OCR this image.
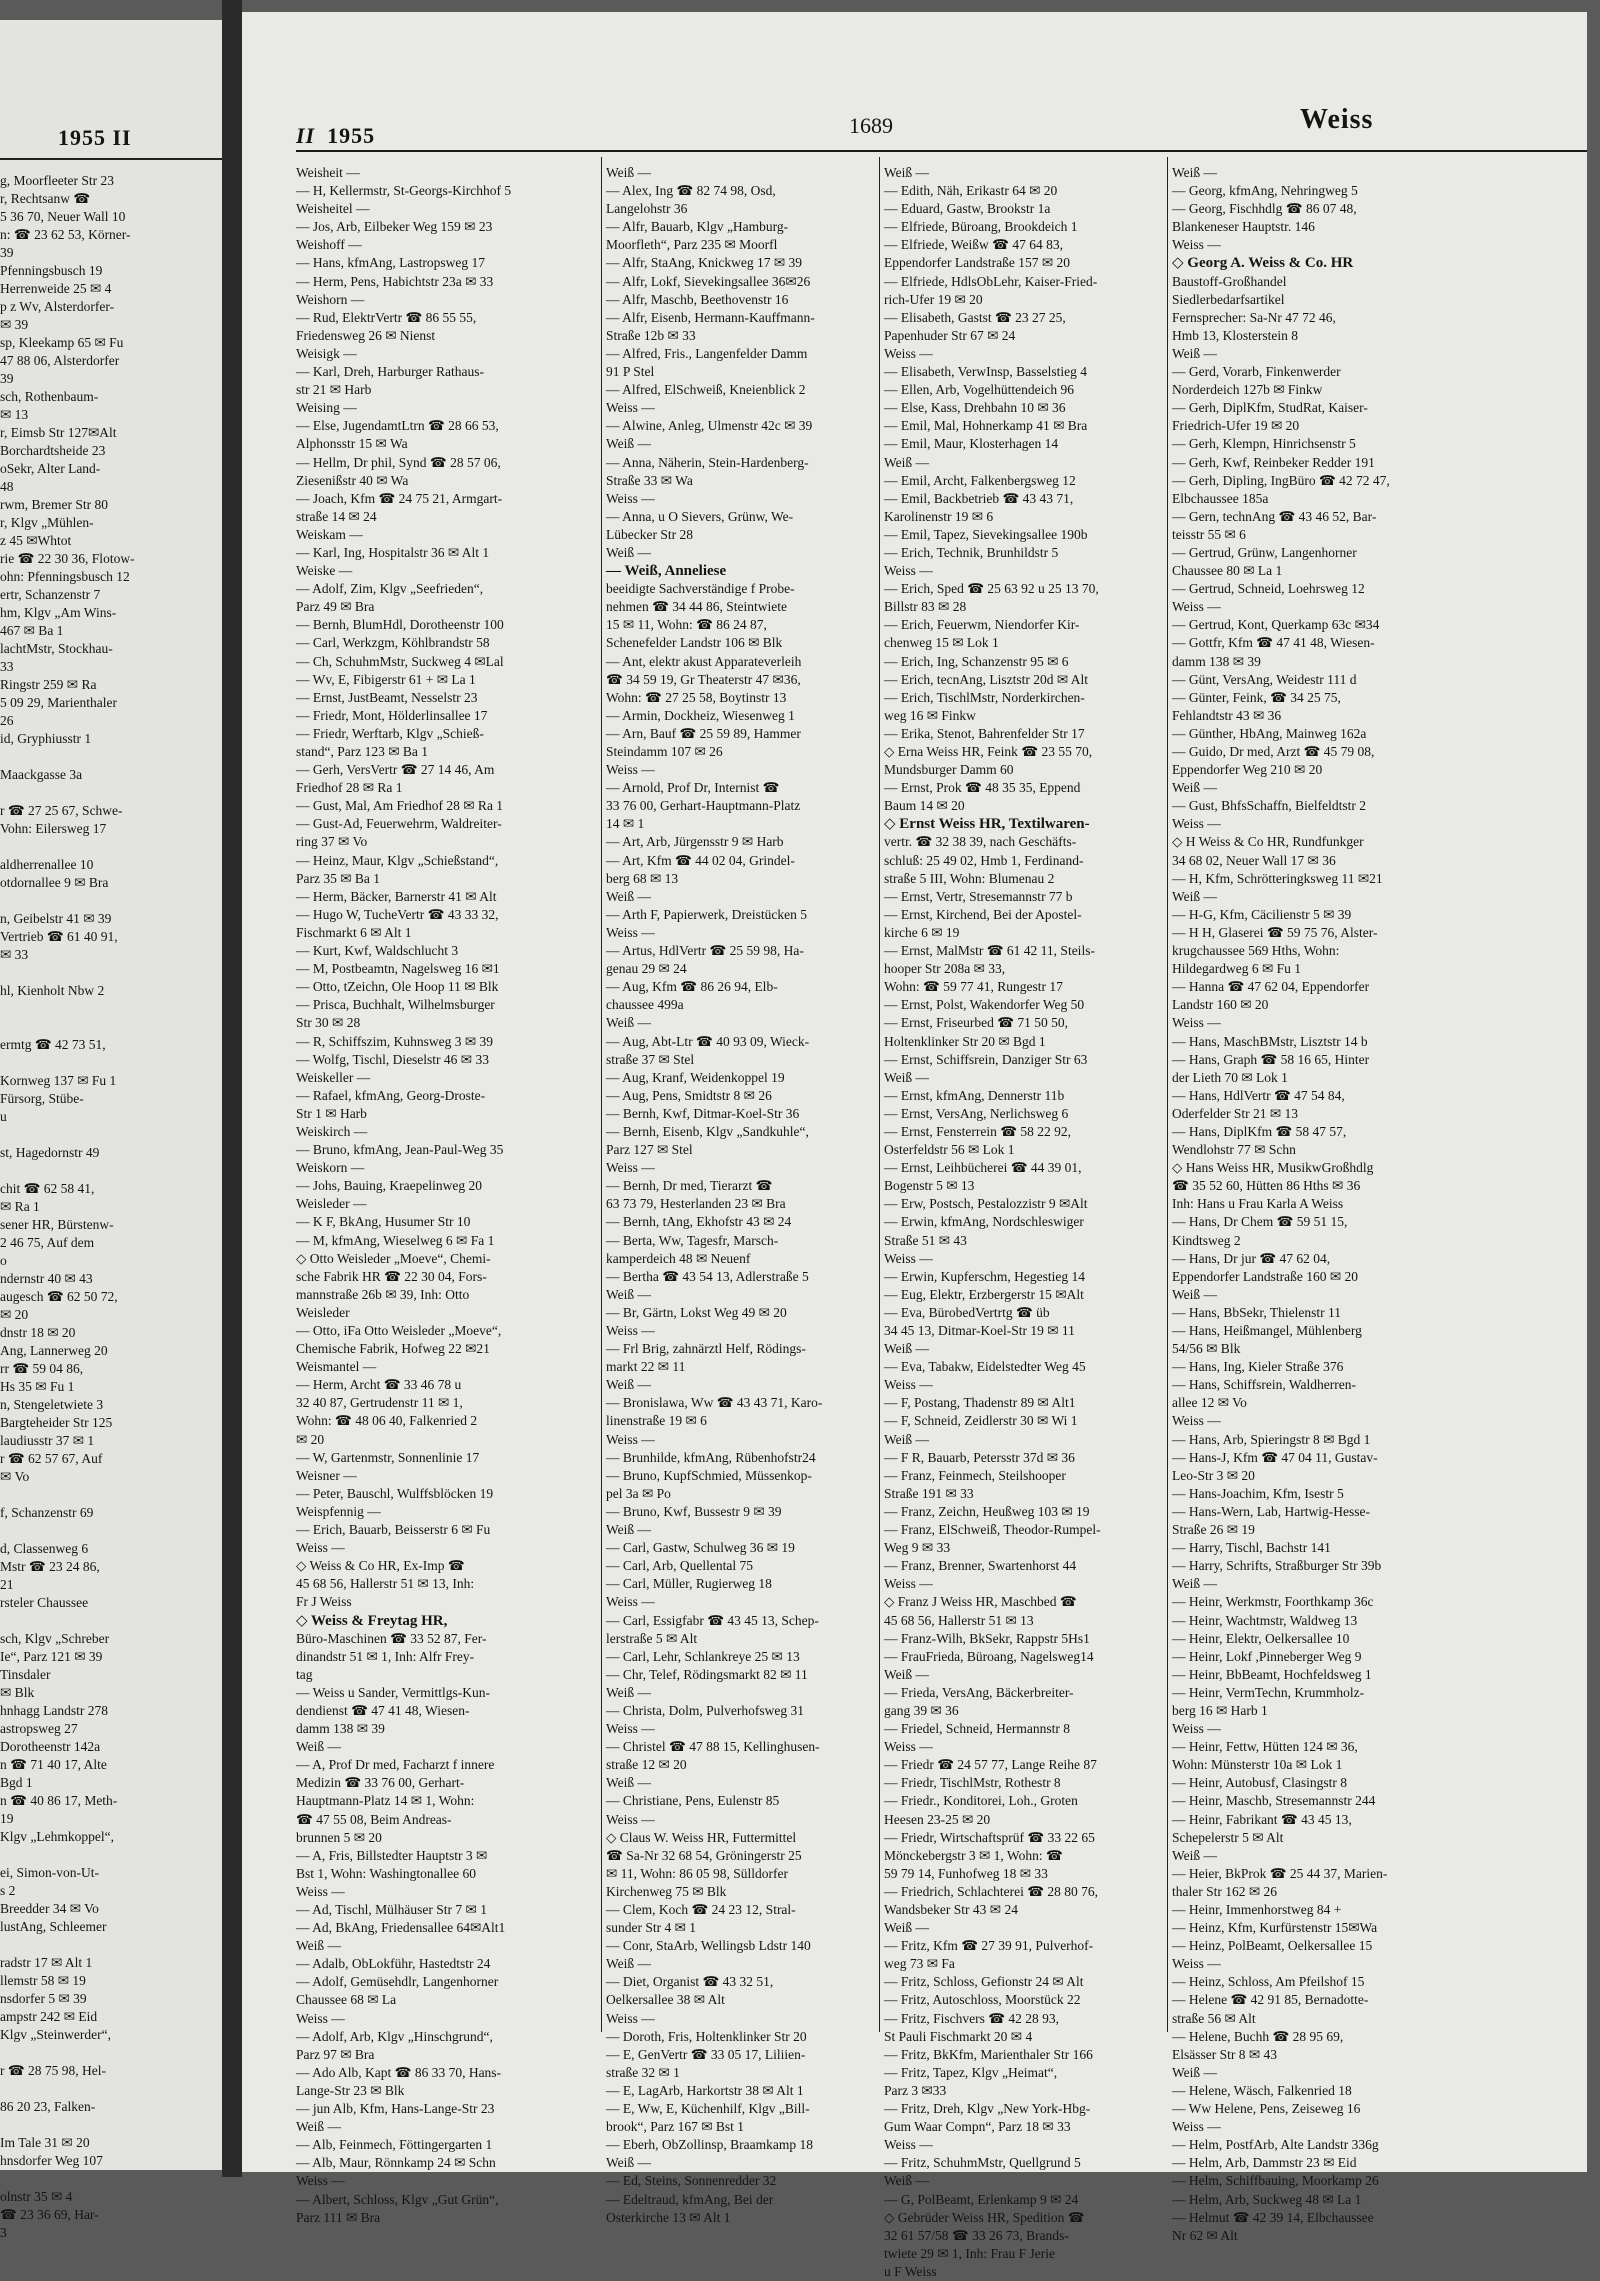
1955 II
g, Moorfleeter Str 23
r, Rechtsanw ☎
5 36 70, Neuer Wall 10
n: ☎ 23 62 53, Körner-
39
Pfenningsbusch 19
Herrenweide 25 ✉ 4
p z Wv, Alsterdorfer-
✉ 39
sp, Kleekamp 65 ✉ Fu
47 88 06, Alsterdorfer
39
sch, Rothenbaum-
✉ 13
r, Eimsb Str 127✉Alt
Borchardtsheide 23
oSekr, Alter Land-
48
rwm, Bremer Str 80
r, Klgv „Mühlen-
z 45 ✉Whtot
rie ☎ 22 30 36, Flotow-
ohn: Pfenningsbusch 12
ertr, Schanzenstr 7
hm, Klgv „Am Wins-
467 ✉ Ba 1
lachtMstr, Stockhau-
33
Ringstr 259 ✉ Ra
5 09 29, Marienthaler
26
id, Gryphiusstr 1

Maackgasse 3a

r ☎ 27 25 67, Schwe-
Vohn: Eilersweg 17

aldherrenallee 10
otdornallee 9 ✉ Bra

n, Geibelstr 41 ✉ 39
Vertrieb ☎ 61 40 91,
✉ 33

hl, Kienholt Nbw 2

ermtg ☎ 42 73 51,

Kornweg 137 ✉ Fu 1
Fürsorg, Stübe-
u

st, Hagedornstr 49

chit ☎ 62 58 41,
✉ Ra 1
sener HR, Bürstenw-
2 46 75, Auf dem
o
ndernstr 40 ✉ 43
augesch ☎ 62 50 72,
✉ 20
dnstr 18 ✉ 20
Ang, Lannerweg 20
rr ☎ 59 04 86,
Hs 35 ✉ Fu 1
n, Stengeletwiete 3
Bargteheider Str 125
laudiusstr 37 ✉ 1
r ☎ 62 57 67, Auf
✉ Vo

f, Schanzenstr 69

d, Classenweg 6
Mstr ☎ 23 24 86,
21
rsteler Chaussee

sch, Klgv „Schreber
Ie“, Parz 121 ✉ 39
Tinsdaler
✉ Blk
hnhagg Landstr 278
astropsweg 27
Dorotheenstr 142a
n ☎ 71 40 17, Alte
Bgd 1
n ☎ 40 86 17, Meth-
19
Klgv „Lehmkoppel“,

ei, Simon-von-Ut-
s 2
Breedder 34 ✉ Vo
lustAng, Schleemer

radstr 17 ✉ Alt 1
llemstr 58 ✉ 19
nsdorfer 5 ✉ 39
ampstr 242 ✉ Eid
Klgv „Steinwerder“,

r ☎ 28 75 98, Hel-

86 20 23, Falken-

Im Tale 31 ✉ 20
hnsdorfer Weg 107

olnstr 35 ✉ 4
☎ 23 36 69, Har-
3
II 1955	1689	Weiss
Weisheit —
— H, Kellermstr, St-Georgs-Kirchhof 5
Weisheitel —
— Jos, Arb, Eilbeker Weg 159 ✉ 23
Weishoff —
— Hans, kfmAng, Lastropsweg 17
— Herm, Pens, Habichtstr 23a ✉ 33
Weishorn —
— Rud, ElektrVertr ☎ 86 55 55,
Friedensweg 26 ✉ Nienst
Weisigk —
— Karl, Dreh, Harburger Rathaus-
str 21 ✉ Harb
Weising —
— Else, JugendamtLtrn ☎ 28 66 53,
Alphonsstr 15 ✉ Wa
— Hellm, Dr phil, Synd ☎ 28 57 06,
Ziesenißstr 40 ✉ Wa
— Joach, Kfm ☎ 24 75 21, Armgart-
straße 14 ✉ 24
Weiskam —
— Karl, Ing, Hospitalstr 36 ✉ Alt 1
Weiske —
— Adolf, Zim, Klgv „Seefrieden“,
Parz 49 ✉ Bra
— Bernh, BlumHdl, Dorotheenstr 100
— Carl, Werkzgm, Köhlbrandstr 58
— Ch, SchuhmMstr, Suckweg 4 ✉Lal
— Wv, E, Fibigerstr 61 + ✉ La 1
— Ernst, JustBeamt, Nesselstr 23
— Friedr, Mont, Hölderlinsallee 17
— Friedr, Werftarb, Klgv „Schieß-
stand“, Parz 123 ✉ Ba 1
— Gerh, VersVertr ☎ 27 14 46, Am
Friedhof 28 ✉ Ra 1
— Gust, Mal, Am Friedhof 28 ✉ Ra 1
— Gust-Ad, Feuerwehrm, Waldreiter-
ring 37 ✉ Vo
— Heinz, Maur, Klgv „Schießstand“,
Parz 35 ✉ Ba 1
— Herm, Bäcker, Barnerstr 41 ✉ Alt
— Hugo W, TucheVertr ☎ 43 33 32,
Fischmarkt 6 ✉ Alt 1
— Kurt, Kwf, Waldschlucht 3
— M, Postbeamtn, Nagelsweg 16 ✉1
— Otto, tZeichn, Ole Hoop 11 ✉ Blk
— Prisca, Buchhalt, Wilhelmsburger
Str 30 ✉ 28
— R, Schiffszim, Kuhnsweg 3 ✉ 39
— Wolfg, Tischl, Dieselstr 46 ✉ 33
Weiskeller —
— Rafael, kfmAng, Georg-Droste-
Str 1 ✉ Harb
Weiskirch —
— Bruno, kfmAng, Jean-Paul-Weg 35
Weiskorn —
— Johs, Bauing, Kraepelinweg 20
Weisleder —
— K F, BkAng, Husumer Str 10
— M, kfmAng, Wieselweg 6 ✉ Fa 1
◇ Otto Weisleder „Moeve“, Chemi-
sche Fabrik HR ☎ 22 30 04, Fors-
mannstraße 26b ✉ 39, Inh: Otto
Weisleder
— Otto, iFa Otto Weisleder „Moeve“,
Chemische Fabrik, Hofweg 22 ✉21
Weismantel —
— Herm, Archt ☎ 33 46 78 u
32 40 87, Gertrudenstr 11 ✉ 1,
Wohn: ☎ 48 06 40, Falkenried 2
✉ 20
— W, Gartenmstr, Sonnenlinie 17
Weisner —
— Peter, Bauschl, Wulffsblöcken 19
Weispfennig —
— Erich, Bauarb, Beisserstr 6 ✉ Fu
Weiss —
◇ Weiss & Co HR, Ex-Imp ☎
45 68 56, Hallerstr 51 ✉ 13, Inh:
Fr J Weiss
◇ Weiss & Freytag HR,
Büro-Maschinen ☎ 33 52 87, Fer-
dinandstr 51 ✉ 1, Inh: Alfr Frey-
tag
— Weiss u Sander, Vermittlgs-Kun-
dendienst ☎ 47 41 48, Wiesen-
damm 138 ✉ 39
Weiß —
— A, Prof Dr med, Facharzt f innere
Medizin ☎ 33 76 00, Gerhart-
Hauptmann-Platz 14 ✉ 1, Wohn:
☎ 47 55 08, Beim Andreas-
brunnen 5 ✉ 20
— A, Fris, Billstedter Hauptstr 3 ✉
Bst 1, Wohn: Washingtonallee 60
Weiss —
— Ad, Tischl, Mülhäuser Str 7 ✉ 1
— Ad, BkAng, Friedensallee 64✉Alt1
Weiß —
— Adalb, ObLokführ, Hastedtstr 24
— Adolf, Gemüsehdlr, Langenhorner
Chaussee 68 ✉ La
Weiss —
— Adolf, Arb, Klgv „Hinschgrund“,
Parz 97 ✉ Bra
— Ado Alb, Kapt ☎ 86 33 70, Hans-
Lange-Str 23 ✉ Blk
— jun Alb, Kfm, Hans-Lange-Str 23
Weiß —
— Alb, Feinmech, Föttingergarten 1
— Alb, Maur, Rönnkamp 24 ✉ Schn
Weiss —
— Albert, Schloss, Klgv „Gut Grün“,
Parz 111 ✉ Bra
Weiß —
— Alex, Ing ☎ 82 74 98, Osd,
Langelohstr 36
— Alfr, Bauarb, Klgv „Hamburg-
Moorfleth“, Parz 235 ✉ Moorfl
— Alfr, StaAng, Knickweg 17 ✉ 39
— Alfr, Lokf, Sievekingsallee 36✉26
— Alfr, Maschb, Beethovenstr 16
— Alfr, Eisenb, Hermann-Kauffmann-
Straße 12b ✉ 33
— Alfred, Fris., Langenfelder Damm
91 P Stel
— Alfred, ElSchweiß, Kneienblick 2
Weiss —
— Alwine, Anleg, Ulmenstr 42c ✉ 39
Weiß —
— Anna, Näherin, Stein-Hardenberg-
Straße 33 ✉ Wa
Weiss —
— Anna, u O Sievers, Grünw, We-
Lübecker Str 28
Weiß —
— Weiß, Anneliese
beeidigte Sachverständige f Probe-
nehmen ☎ 34 44 86, Steintwiete
15 ✉ 11, Wohn: ☎ 86 24 87,
Schenefelder Landstr 106 ✉ Blk
— Ant, elektr akust Apparateverleih
☎ 34 59 19, Gr Theaterstr 47 ✉36,
Wohn: ☎ 27 25 58, Boytinstr 13
— Armin, Dockheiz, Wiesenweg 1
— Arn, Bauf ☎ 25 59 89, Hammer
Steindamm 107 ✉ 26
Weiss —
— Arnold, Prof Dr, Internist ☎
33 76 00, Gerhart-Hauptmann-Platz
14 ✉ 1
— Art, Arb, Jürgensstr 9 ✉ Harb
— Art, Kfm ☎ 44 02 04, Grindel-
berg 68 ✉ 13
Weiß —
— Arth F, Papierwerk, Dreistücken 5
Weiss —
— Artus, HdlVertr ☎ 25 59 98, Ha-
genau 29 ✉ 24
— Aug, Kfm ☎ 86 26 94, Elb-
chaussee 499a
Weiß —
— Aug, Abt-Ltr ☎ 40 93 09, Wieck-
straße 37 ✉ Stel
— Aug, Kranf, Weidenkoppel 19
— Aug, Pens, Smidtstr 8 ✉ 26
— Bernh, Kwf, Ditmar-Koel-Str 36
— Bernh, Eisenb, Klgv „Sandkuhle“,
Parz 127 ✉ Stel
Weiss —
— Bernh, Dr med, Tierarzt ☎
63 73 79, Hesterlanden 23 ✉ Bra
— Bernh, tAng, Ekhofstr 43 ✉ 24
— Berta, Ww, Tagesfr, Marsch-
kamperdeich 48 ✉ Neuenf
— Bertha ☎ 43 54 13, Adlerstraße 5
Weiß —
— Br, Gärtn, Lokst Weg 49 ✉ 20
Weiss —
— Frl Brig, zahnärztl Helf, Rödings-
markt 22 ✉ 11
Weiß —
— Bronislawa, Ww ☎ 43 43 71, Karo-
linenstraße 19 ✉ 6
Weiss —
— Brunhilde, kfmAng, Rübenhofstr24
— Bruno, KupfSchmied, Müssenkop-
pel 3a ✉ Po
— Bruno, Kwf, Bussestr 9 ✉ 39
Weiß —
— Carl, Gastw, Schulweg 36 ✉ 19
— Carl, Arb, Quellental 75
— Carl, Müller, Rugierweg 18
Weiss —
— Carl, Essigfabr ☎ 43 45 13, Schep-
lerstraße 5 ✉ Alt
— Carl, Lehr, Schlankreye 25 ✉ 13
— Chr, Telef, Rödingsmarkt 82 ✉ 11
Weiß —
— Christa, Dolm, Pulverhofsweg 31
Weiss —
— Christel ☎ 47 88 15, Kellinghusen-
straße 12 ✉ 20
Weiß —
— Christiane, Pens, Eulenstr 85
Weiss —
◇ Claus W. Weiss HR, Futtermittel
☎ Sa-Nr 32 68 54, Gröningerstr 25
✉ 11, Wohn: 86 05 98, Sülldorfer
Kirchenweg 75 ✉ Blk
— Clem, Koch ☎ 24 23 12, Stral-
sunder Str 4 ✉ 1
— Conr, StaArb, Wellingsb Ldstr 140
Weiß —
— Diet, Organist ☎ 43 32 51,
Oelkersallee 38 ✉ Alt
Weiss —
— Doroth, Fris, Holtenklinker Str 20
— E, GenVertr ☎ 33 05 17, Liliien-
straße 32 ✉ 1
— E, LagArb, Harkortstr 38 ✉ Alt 1
— E, Ww, E, Küchenhilf, Klgv „Bill-
brook“, Parz 167 ✉ Bst 1
— Eberh, ObZollinsp, Braamkamp 18
Weiß —
— Ed, Steins, Sonnenredder 32
— Edeltraud, kfmAng, Bei der
Osterkirche 13 ✉ Alt 1
Weiß —
— Edith, Näh, Erikastr 64 ✉ 20
— Eduard, Gastw, Brookstr 1a
— Elfriede, Büroang, Brookdeich 1
— Elfriede, Weißw ☎ 47 64 83,
Eppendorfer Landstraße 157 ✉ 20
— Elfriede, HdlsObLehr, Kaiser-Fried-
rich-Ufer 19 ✉ 20
— Elisabeth, Gastst ☎ 23 27 25,
Papenhuder Str 67 ✉ 24
Weiss —
— Elisabeth, VerwInsp, Basselstieg 4
— Ellen, Arb, Vogelhüttendeich 96
— Else, Kass, Drehbahn 10 ✉ 36
— Emil, Mal, Hohnerkamp 41 ✉ Bra
— Emil, Maur, Klosterhagen 14
Weiß —
— Emil, Archt, Falkenbergsweg 12
— Emil, Backbetrieb ☎ 43 43 71,
Karolinenstr 19 ✉ 6
— Emil, Tapez, Sievekingsallee 190b
— Erich, Technik, Brunhildstr 5
Weiss —
— Erich, Sped ☎ 25 63 92 u 25 13 70,
Billstr 83 ✉ 28
— Erich, Feuerwm, Niendorfer Kir-
chenweg 15 ✉ Lok 1
— Erich, Ing, Schanzenstr 95 ✉ 6
— Erich, tecnAng, Lisztstr 20d ✉ Alt
— Erich, TischlMstr, Norderkirchen-
weg 16 ✉ Finkw
— Erika, Stenot, Bahrenfelder Str 17
◇ Erna Weiss HR, Feink ☎ 23 55 70,
Mundsburger Damm 60
— Ernst, Prok ☎ 48 35 35, Eppend
Baum 14 ✉ 20
◇ Ernst Weiss HR, Textilwaren-
vertr. ☎ 32 38 39, nach Geschäfts-
schluß: 25 49 02, Hmb 1, Ferdinand-
straße 5 III, Wohn: Blumenau 2
— Ernst, Vertr, Stresemannstr 77 b
— Ernst, Kirchend, Bei der Apostel-
kirche 6 ✉ 19
— Ernst, MalMstr ☎ 61 42 11, Steils-
hooper Str 208a ✉ 33,
Wohn: ☎ 59 77 41, Rungestr 17
— Ernst, Polst, Wakendorfer Weg 50
— Ernst, Friseurbed ☎ 71 50 50,
Holtenklinker Str 20 ✉ Bgd 1
— Ernst, Schiffsrein, Danziger Str 63
Weiß —
— Ernst, kfmAng, Dennerstr 11b
— Ernst, VersAng, Nerlichsweg 6
— Ernst, Fensterrein ☎ 58 22 92,
Osterfeldstr 56 ✉ Lok 1
— Ernst, Leihbücherei ☎ 44 39 01,
Bogenstr 5 ✉ 13
— Erw, Postsch, Pestalozzistr 9 ✉Alt
— Erwin, kfmAng, Nordschleswiger
Straße 51 ✉ 43
Weiss —
— Erwin, Kupferschm, Hegestieg 14
— Eug, Elektr, Erzbergerstr 15 ✉Alt
— Eva, BürobedVertrtg ☎ üb
34 45 13, Ditmar-Koel-Str 19 ✉ 11
Weiß —
— Eva, Tabakw, Eidelstedter Weg 45
Weiss —
— F, Postang, Thadenstr 89 ✉ Alt1
— F, Schneid, Zeidlerstr 30 ✉ Wi 1
Weiß —
— F R, Bauarb, Petersstr 37d ✉ 36
— Franz, Feinmech, Steilshooper
Straße 191 ✉ 33
— Franz, Zeichn, Heußweg 103 ✉ 19
— Franz, ElSchweiß, Theodor-Rumpel-
Weg 9 ✉ 33
— Franz, Brenner, Swartenhorst 44
Weiss —
◇ Franz J Weiss HR, Maschbed ☎
45 68 56, Hallerstr 51 ✉ 13
— Franz-Wilh, BkSekr, Rappstr 5Hs1
— FrauFrieda, Büroang, Nagelsweg14
Weiß —
— Frieda, VersAng, Bäckerbreiter-
gang 39 ✉ 36
— Friedel, Schneid, Hermannstr 8
Weiss —
— Friedr ☎ 24 57 77, Lange Reihe 87
— Friedr, TischlMstr, Rothestr 8
— Friedr., Konditorei, Loh., Groten
Heesen 23-25 ✉ 20
— Friedr, Wirtschaftsprüf ☎ 33 22 65
Mönckebergstr 3 ✉ 1, Wohn: ☎
59 79 14, Funhofweg 18 ✉ 33
— Friedrich, Schlachterei ☎ 28 80 76,
Wandsbeker Str 43 ✉ 24
Weiß —
— Fritz, Kfm ☎ 27 39 91, Pulverhof-
weg 73 ✉ Fa
— Fritz, Schloss, Gefionstr 24 ✉ Alt
— Fritz, Autoschloss, Moorstück 22
— Fritz, Fischvers ☎ 42 28 93,
St Pauli Fischmarkt 20 ✉ 4
— Fritz, BkKfm, Marienthaler Str 166
— Fritz, Tapez, Klgv „Heimat“,
Parz 3 ✉33
— Fritz, Dreh, Klgv „New York-Hbg-
Gum Waar Compn“, Parz 18 ✉ 33
Weiss —
— Fritz, SchuhmMstr, Quellgrund 5
Weiß —
— G, PolBeamt, Erlenkamp 9 ✉ 24
◇ Gebrüder Weiss HR, Spedition ☎
32 61 57/58 ☎ 33 26 73, Brands-
twiete 29 ✉ 1, Inh: Frau F Jerie
u F Weiss
Weiß —
— Georg, kfmAng, Nehringweg 5
— Georg, Fischhdlg ☎ 86 07 48,
Blankeneser Hauptstr. 146
Weiss —
◇ Georg A. Weiss & Co. HR
Baustoff-Großhandel
Siedlerbedarfsartikel
Fernsprecher: Sa-Nr 47 72 46,
Hmb 13, Klosterstein 8
Weiß —
— Gerd, Vorarb, Finkenwerder
Norderdeich 127b ✉ Finkw
— Gerh, DiplKfm, StudRat, Kaiser-
Friedrich-Ufer 19 ✉ 20
— Gerh, Klempn, Hinrichsenstr 5
— Gerh, Kwf, Reinbeker Redder 191
— Gerh, Dipling, IngBüro ☎ 42 72 47,
Elbchaussee 185a
— Gern, technAng ☎ 43 46 52, Bar-
teisstr 55 ✉ 6
— Gertrud, Grünw, Langenhorner
Chaussee 80 ✉ La 1
— Gertrud, Schneid, Loehrsweg 12
Weiss —
— Gertrud, Kont, Querkamp 63c ✉34
— Gottfr, Kfm ☎ 47 41 48, Wiesen-
damm 138 ✉ 39
— Günt, VersAng, Weidestr 111 d
— Günter, Feink, ☎ 34 25 75,
Fehlandtstr 43 ✉ 36
— Günther, HbAng, Mainweg 162a
— Guido, Dr med, Arzt ☎ 45 79 08,
Eppendorfer Weg 210 ✉ 20
Weiß —
— Gust, BhfsSchaffn, Bielfeldtstr 2
Weiss —
◇ H Weiss & Co HR, Rundfunkger
34 68 02, Neuer Wall 17 ✉ 36
— H, Kfm, Schrötteringksweg 11 ✉21
Weiß —
— H-G, Kfm, Cäcilienstr 5 ✉ 39
— H H, Glaserei ☎ 59 75 76, Alster-
krugchaussee 569 Hths, Wohn:
Hildegardweg 6 ✉ Fu 1
— Hanna ☎ 47 62 04, Eppendorfer
Landstr 160 ✉ 20
Weiss —
— Hans, MaschBMstr, Lisztstr 14 b
— Hans, Graph ☎ 58 16 65, Hinter
der Lieth 70 ✉ Lok 1
— Hans, HdlVertr ☎ 47 54 84,
Oderfelder Str 21 ✉ 13
— Hans, DiplKfm ☎ 58 47 57,
Wendlohstr 77 ✉ Schn
◇ Hans Weiss HR, MusikwGroßhdlg
☎ 35 52 60, Hütten 86 Hths ✉ 36
Inh: Hans u Frau Karla A Weiss
— Hans, Dr Chem ☎ 59 51 15,
Kindtsweg 2
— Hans, Dr jur ☎ 47 62 04,
Eppendorfer Landstraße 160 ✉ 20
Weiß —
— Hans, BbSekr, Thielenstr 11
— Hans, Heißmangel, Mühlenberg
54/56 ✉ Blk
— Hans, Ing, Kieler Straße 376
— Hans, Schiffsrein, Waldherren-
allee 12 ✉ Vo
Weiss —
— Hans, Arb, Spieringstr 8 ✉ Bgd 1
— Hans-J, Kfm ☎ 47 04 11, Gustav-
Leo-Str 3 ✉ 20
— Hans-Joachim, Kfm, Isestr 5
— Hans-Wern, Lab, Hartwig-Hesse-
Straße 26 ✉ 19
— Harry, Tischl, Bachstr 141
— Harry, Schrifts, Straßburger Str 39b
Weiß —
— Heinr, Werkmstr, Foorthkamp 36c
— Heinr, Wachtmstr, Waldweg 13
— Heinr, Elektr, Oelkersallee 10
— Heinr, Lokf ,Pinneberger Weg 9
— Heinr, BbBeamt, Hochfeldsweg 1
— Heinr, VermTechn, Krummholz-
berg 16 ✉ Harb 1
Weiss —
— Heinr, Fettw, Hütten 124 ✉ 36,
Wohn: Münsterstr 10a ✉ Lok 1
— Heinr, Autobusf, Clasingstr 8
— Heinr, Maschb, Stresemannstr 244
— Heinr, Fabrikant ☎ 43 45 13,
Schepelerstr 5 ✉ Alt
Weiß —
— Heier, BkProk ☎ 25 44 37, Marien-
thaler Str 162 ✉ 26
— Heinr, Immenhorstweg 84 +
— Heinz, Kfm, Kurfürstenstr 15✉Wa
— Heinz, PolBeamt, Oelkersallee 15
Weiss —
— Heinz, Schloss, Am Pfeilshof 15
— Helene ☎ 42 91 85, Bernadotte-
straße 56 ✉ Alt
— Helene, Buchh ☎ 28 95 69,
Elsässer Str 8 ✉ 43
Weiß —
— Helene, Wäsch, Falkenried 18
— Ww Helene, Pens, Zeiseweg 16
Weiss —
— Helm, PostfArb, Alte Landstr 336g
— Helm, Arb, Dammstr 23 ✉ Eid
— Helm, Schiffbauing, Moorkamp 26
— Helm, Arb, Suckweg 48 ✉ La 1
— Helmut ☎ 42 39 14, Elbchaussee
Nr 62 ✉ Alt
